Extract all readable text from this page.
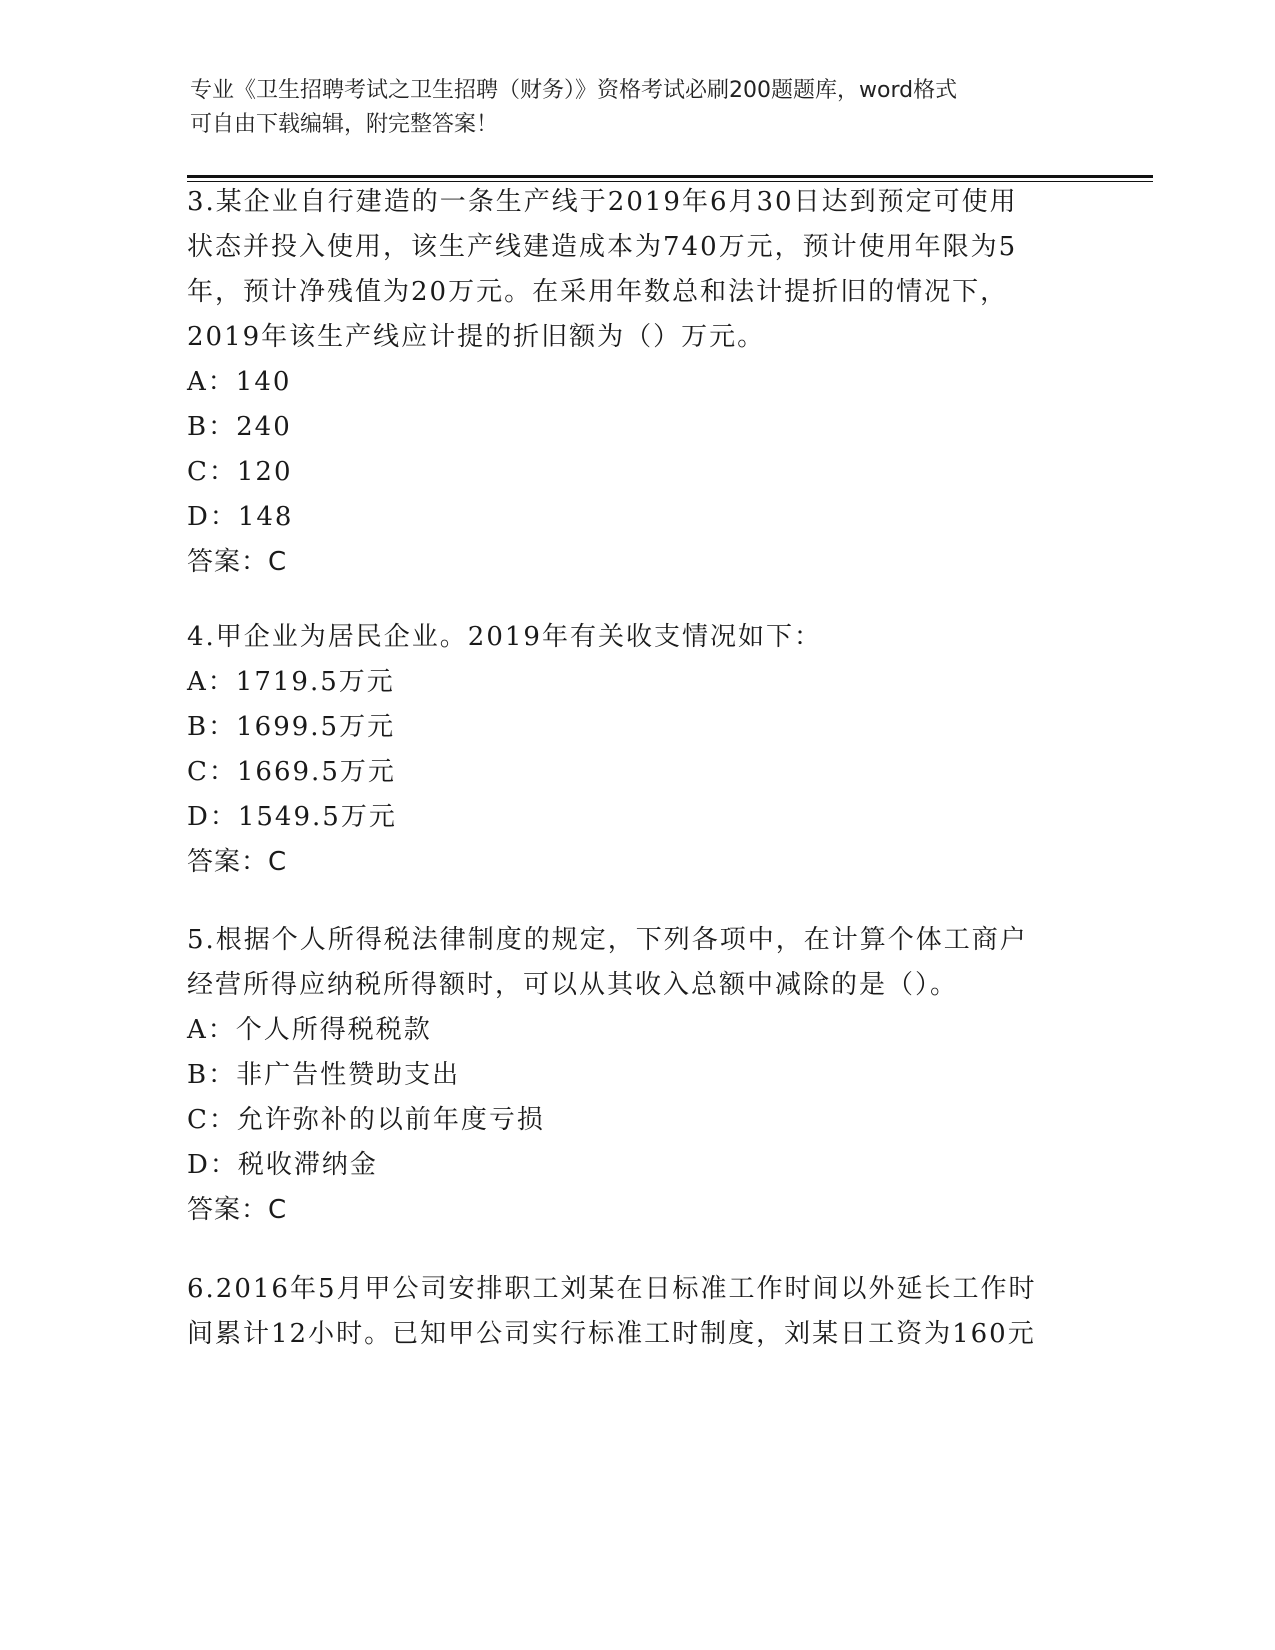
专业《卫生招聘考试之卫生招聘（财务）》资格考试必刷200题题库，word格式
可自由下载编辑，附完整答案！
3.某企业自行建造的一条生产线于2019年6月30日达到预定可使用
状态并投入使用，该生产线建造成本为740万元，预计使用年限为5
年，预计净残值为20万元。在采用年数总和法计提折旧的情况下，
2019年该生产线应计提的折旧额为（）万元。
A：140
B：240
C：120
D：148
答案：C
4.甲企业为居民企业。2019年有关收支情况如下：
A：1719.5万元
B：1699.5万元
C：1669.5万元
D：1549.5万元
答案：C
5.根据个人所得税法律制度的规定，下列各项中，在计算个体工商户
经营所得应纳税所得额时，可以从其收入总额中减除的是（）。
A：个人所得税税款
B：非广告性赞助支出
C：允许弥补的以前年度亏损
D：税收滞纳金
答案：C
6.2016年5月甲公司安排职工刘某在日标准工作时间以外延长工作时
间累计12小时。已知甲公司实行标准工时制度，刘某日工资为160元
